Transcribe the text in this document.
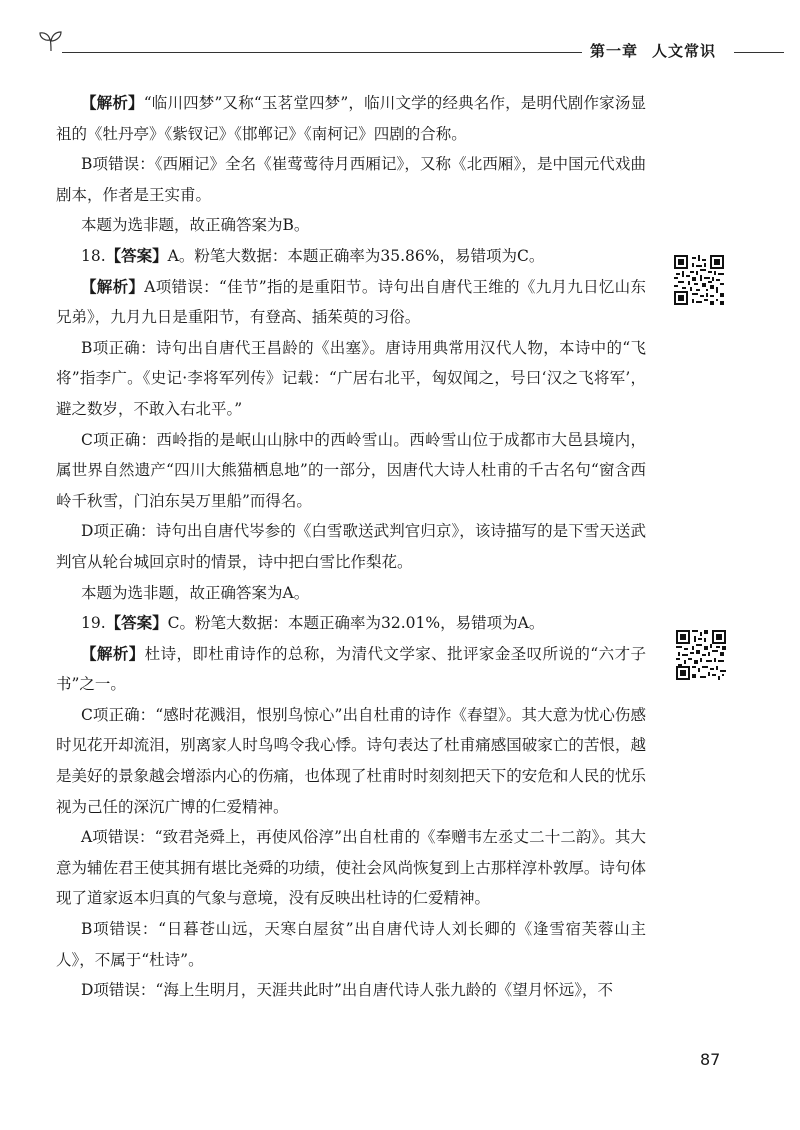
第一章 人文常识

【解析】“临川四梦”又称“玉茗堂四梦”，临川文学的经典名作，是明代剧作家汤显祖的《牡丹亭》《紫钗记》《邯郸记》《南柯记》四剧的合称。

B项错误：《西厢记》全名《崔莺莺待月西厢记》，又称《北西厢》，是中国元代戏曲剧本，作者是王实甫。

本题为选非题，故正确答案为B。

18.【答案】A。粉笔大数据：本题正确率为35.86%，易错项为C。

【解析】A项错误：“佳节”指的是重阳节。诗句出自唐代王维的《九月九日忆山东兄弟》，九月九日是重阳节，有登高、插茱萸的习俗。

B项正确：诗句出自唐代王昌龄的《出塞》。唐诗用典常用汉代人物，本诗中的“飞将”指李广。《史记·李将军列传》记载：“广居右北平，匈奴闻之，号曰‘汉之飞将军’，避之数岁，不敢入右北平。”

C项正确：西岭指的是岷山山脉中的西岭雪山。西岭雪山位于成都市大邑县境内，属世界自然遗产“四川大熊猫栖息地”的一部分，因唐代大诗人杜甫的千古名句“窗含西岭千秋雪，门泊东吴万里船”而得名。

D项正确：诗句出自唐代岑参的《白雪歌送武判官归京》，该诗描写的是下雪天送武判官从轮台城回京时的情景，诗中把白雪比作梨花。

本题为选非题，故正确答案为A。

19.【答案】C。粉笔大数据：本题正确率为32.01%，易错项为A。

【解析】杜诗，即杜甫诗作的总称，为清代文学家、批评家金圣叹所说的“六才子书”之一。

C项正确：“感时花溅泪，恨别鸟惊心”出自杜甫的诗作《春望》。其大意为忧心伤感时见花开却流泪，别离家人时鸟鸣令我心悸。诗句表达了杜甫痛感国破家亡的苦恨，越是美好的景象越会增添内心的伤痛，也体现了杜甫时时刻刻把天下的安危和人民的忧乐视为己任的深沉广博的仁爱精神。

A项错误：“致君尧舜上，再使风俗淳”出自杜甫的《奉赠韦左丞丈二十二韵》。其大意为辅佐君王使其拥有堪比尧舜的功绩，使社会风尚恢复到上古那样淳朴敦厚。诗句体现了道家返本归真的气象与意境，没有反映出杜诗的仁爱精神。

B项错误：“日暮苍山远，天寒白屋贫”出自唐代诗人刘长卿的《逢雪宿芙蓉山主人》，不属于“杜诗”。

D项错误：“海上生明月，天涯共此时”出自唐代诗人张九龄的《望月怀远》，不

87
